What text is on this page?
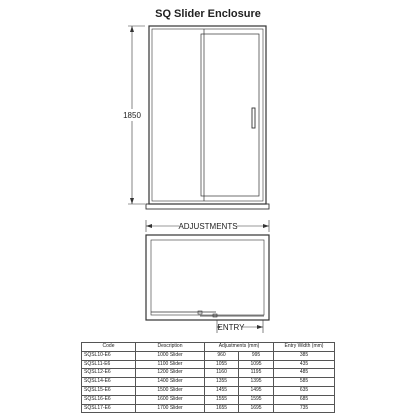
SQ Slider Enclosure
1850
ADJUSTMENTS
ENTRY
Code	Description	Adjustments (mm)		Entry Width (mm)
SQSL10-E6	1000 Slider	960	995	385
SQSL11-E6	1100 Slider	1055	1095	435
SQSL12-E6	1200 Slider	1160	1195	485
SQSL14-E6	1400 Slider	1355	1395	585
SQSL15-E6	1500 Slider	1455	1495	635
SQSL16-E6	1600 Slider	1555	1595	685
SQSL17-E6	1700 Slider	1655	1695	735
